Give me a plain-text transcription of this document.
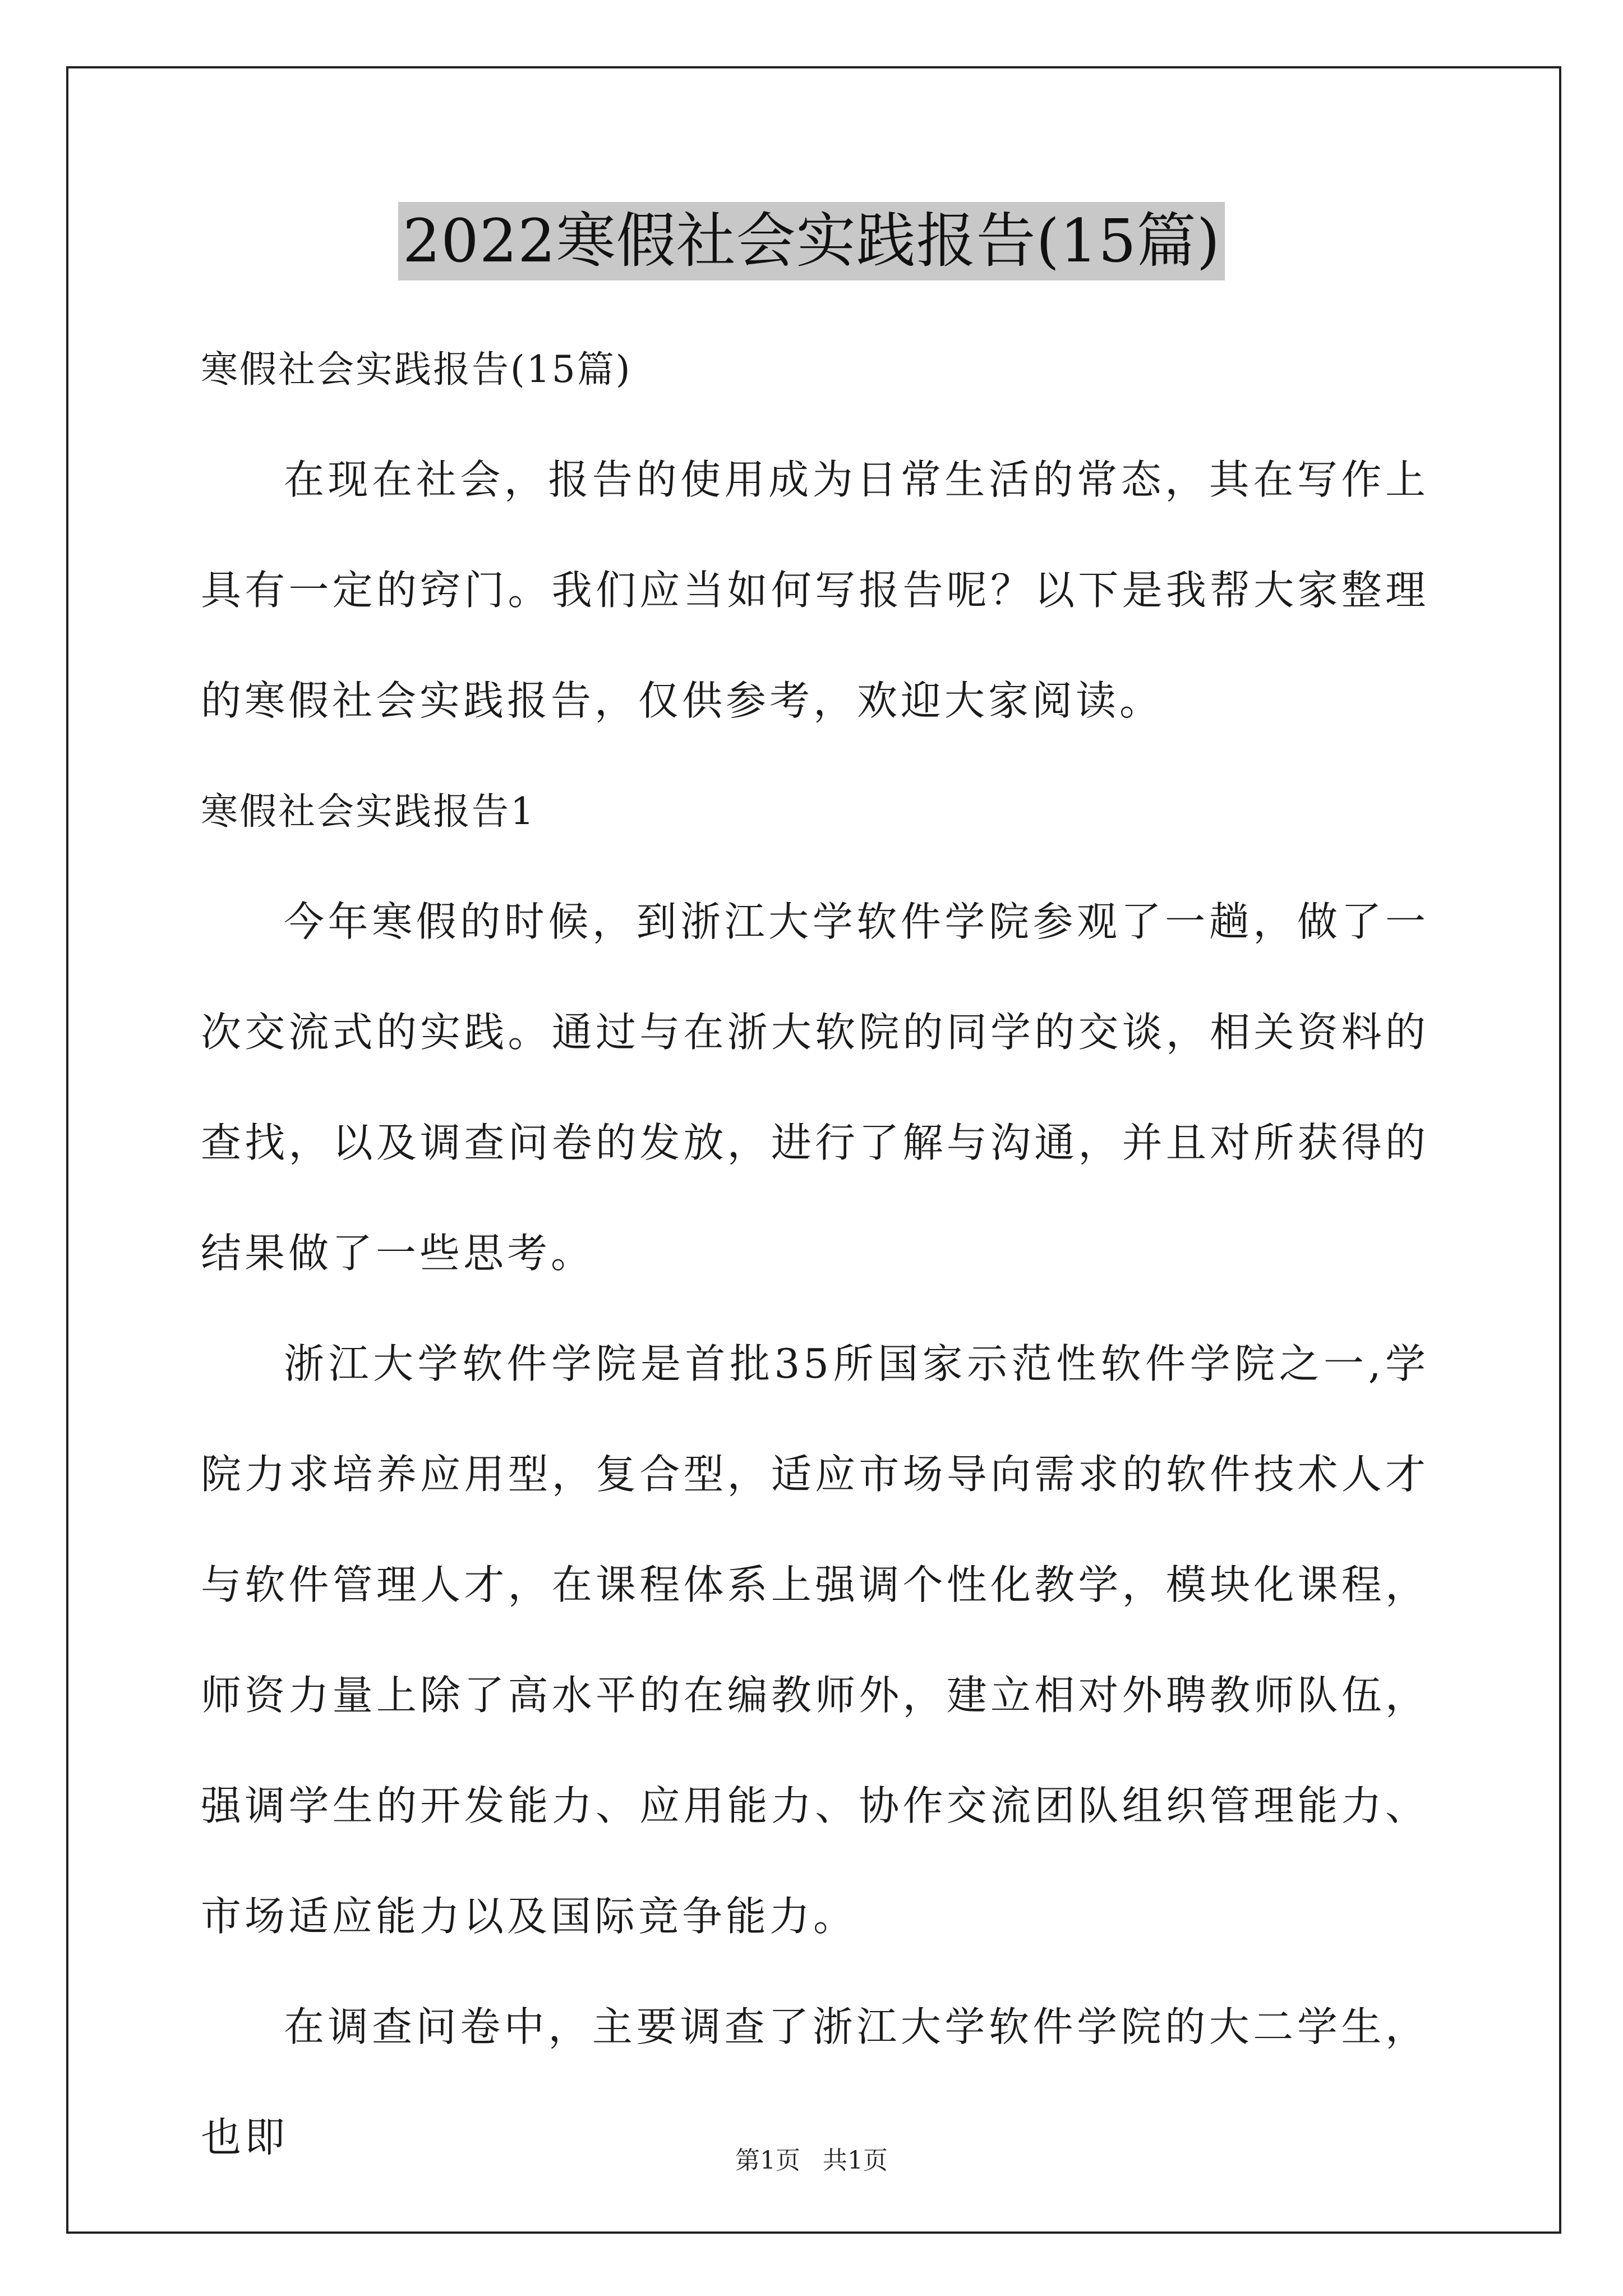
2022寒假社会实践报告(15篇)

寒假社会实践报告(15篇)

在现在社会，报告的使用成为日常生活的常态，其在写作上具有一定的窍门。我们应当如何写报告呢？以下是我帮大家整理的寒假社会实践报告，仅供参考，欢迎大家阅读。

寒假社会实践报告1

今年寒假的时候，到浙江大学软件学院参观了一趟，做了一次交流式的实践。通过与在浙大软院的同学的交谈，相关资料的查找，以及调查问卷的发放，进行了解与沟通，并且对所获得的结果做了一些思考。

浙江大学软件学院是首批35所国家示范性软件学院之一,学院力求培养应用型，复合型，适应市场导向需求的软件技术人才与软件管理人才，在课程体系上强调个性化教学，模块化课程，师资力量上除了高水平的在编教师外，建立相对外聘教师队伍，强调学生的开发能力、应用能力、协作交流团队组织管理能力、市场适应能力以及国际竞争能力。

在调查问卷中，主要调查了浙江大学软件学院的大二学生，也即	第1页 共1页
